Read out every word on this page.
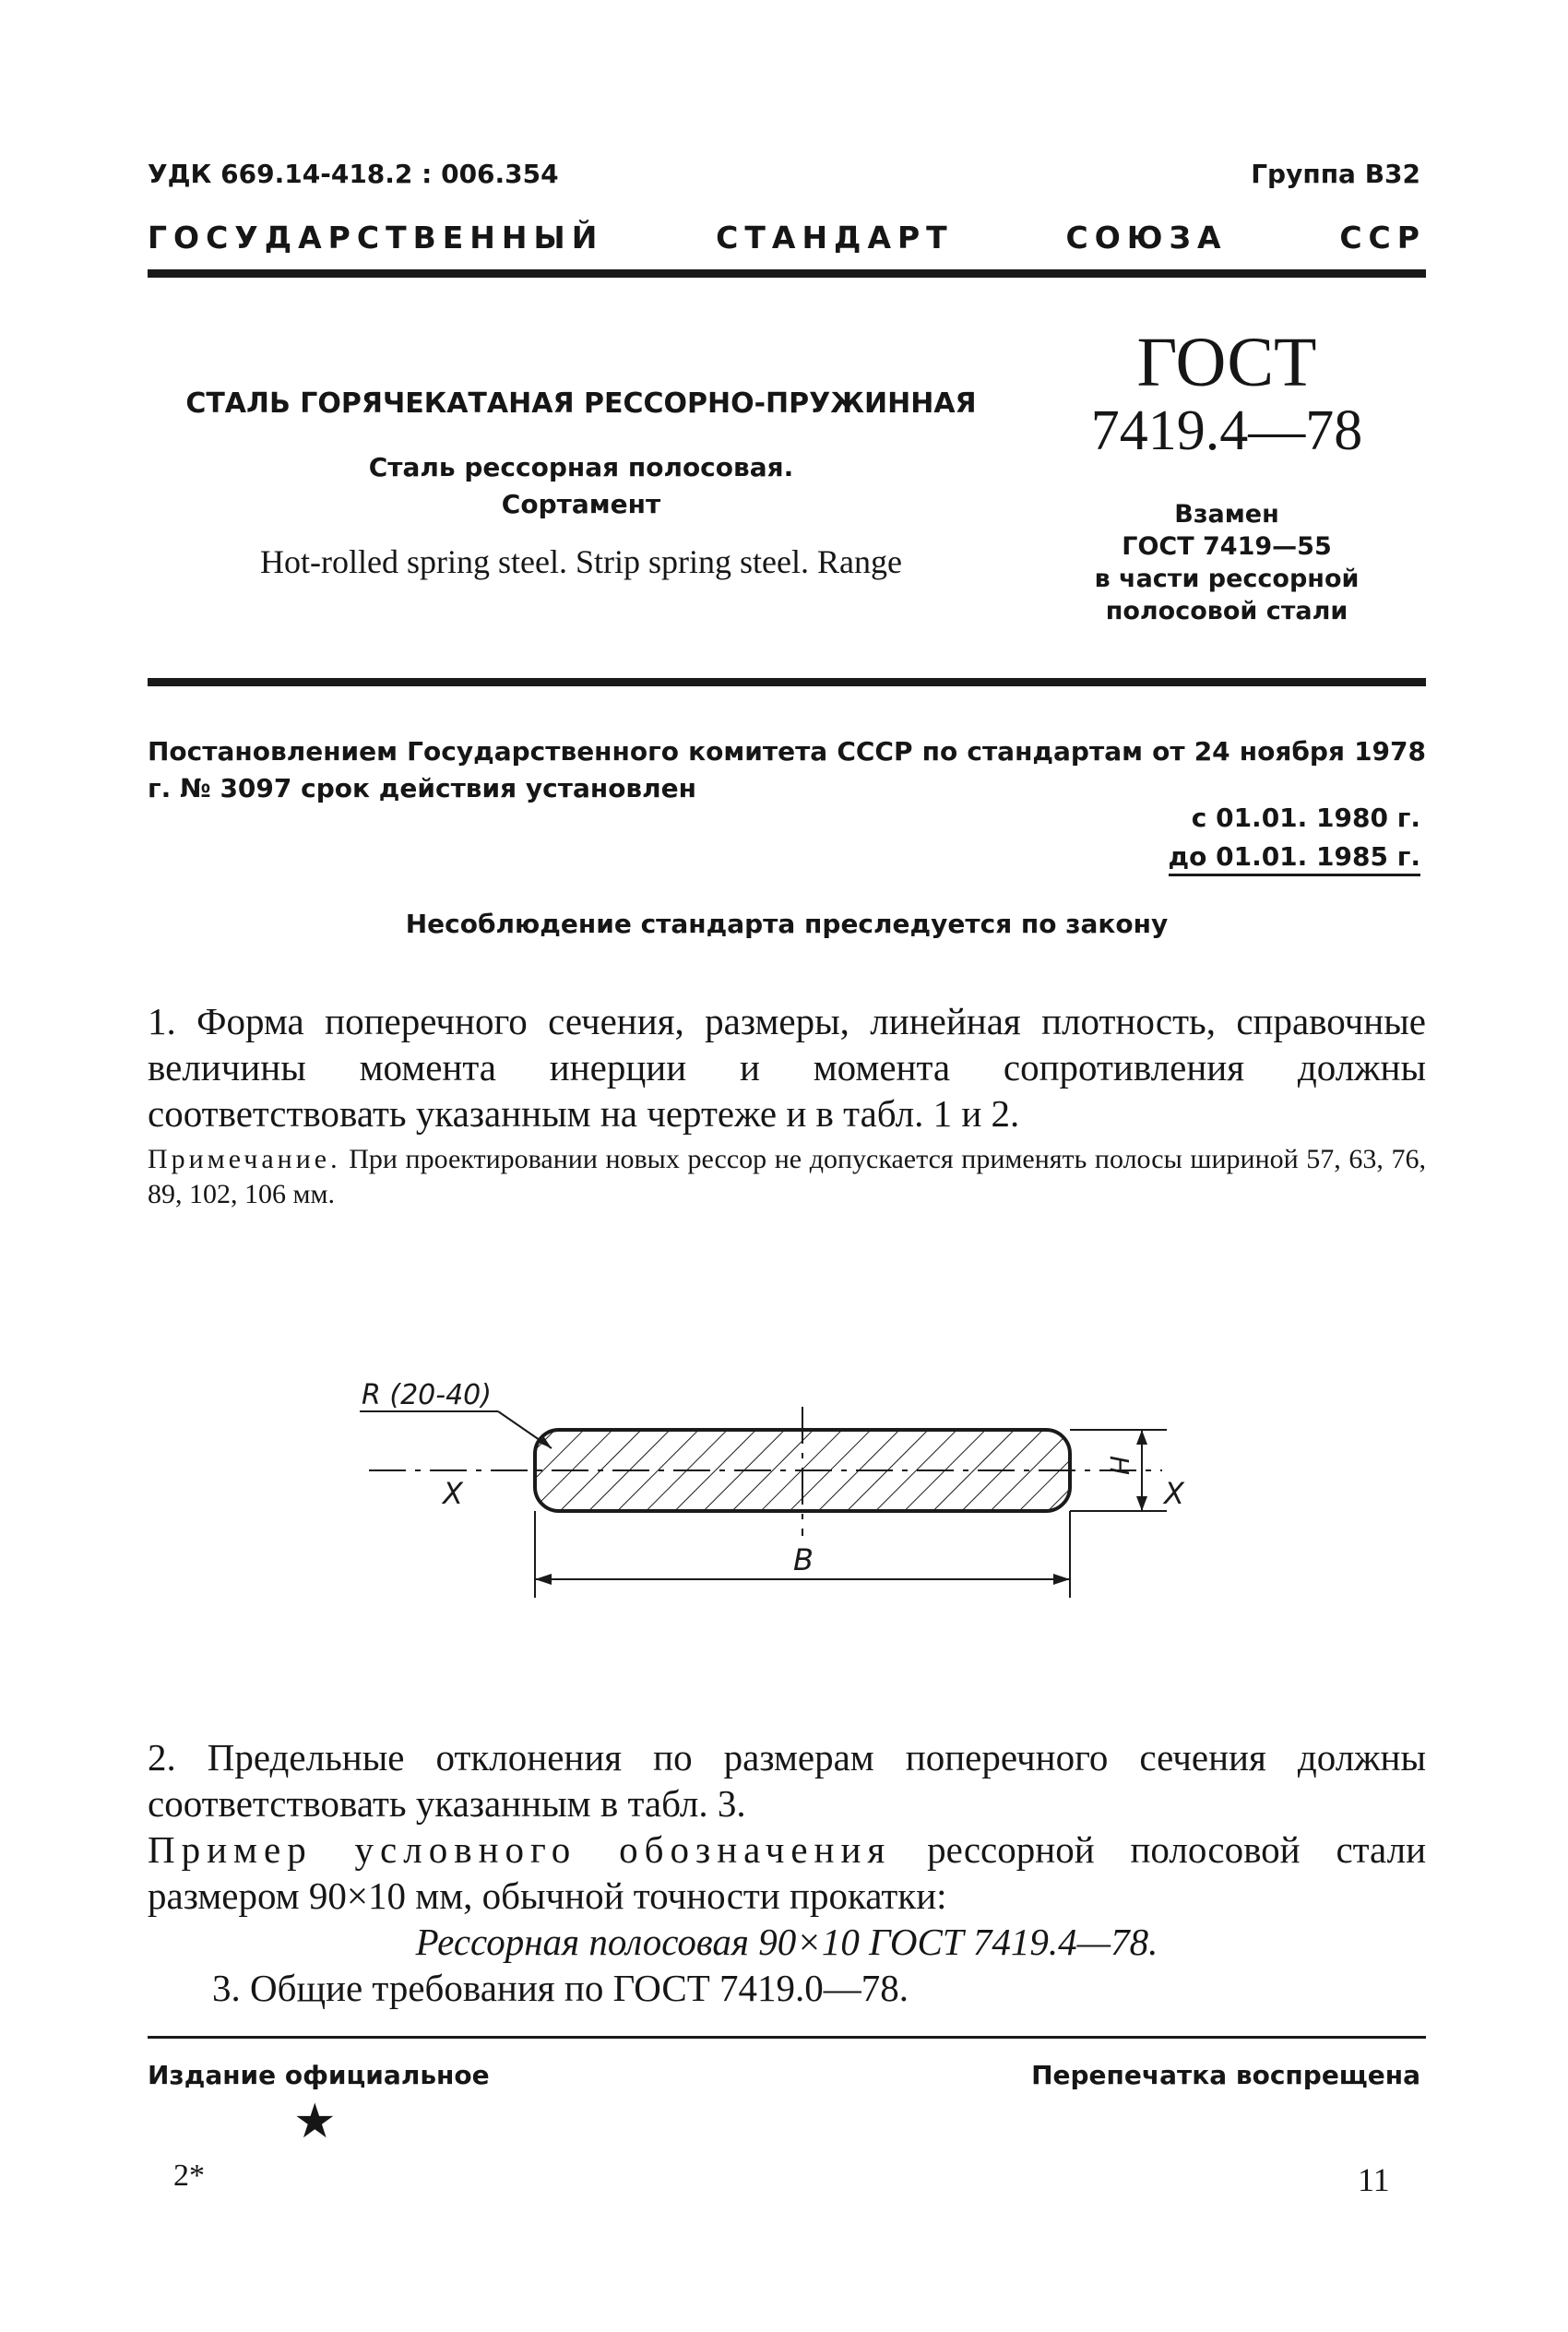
УДК 669.14-418.2 : 006.354	Группа В32
ГОСУДАРСТВЕННЫЙ	СТАНДАРТ	СОЮЗА	ССР
СТАЛЬ ГОРЯЧЕКАТАНАЯ РЕССОРНО-ПРУЖИННАЯ
Сталь рессорная полосовая.
Сортамент
Hot-rolled spring steel. Strip spring steel. Range
ГОСТ
7419.4—78
Взамен
ГОСТ 7419—55
в части рессорной
полосовой стали
Постановлением Государственного комитета СССР по стандартам от 24 ноября 1978 г. № 3097 срок действия установлен
с 01.01. 1980 г.
до 01.01. 1985 г.
Несоблюдение стандарта преследуется по закону
1. Форма поперечного сечения, размеры, линейная плотность, справочные величины момента инерции и момента сопротивления должны соответствовать указанным на чертеже и в табл. 1 и 2.
Примечание. При проектировании новых рессор не допускается применять полосы шириной 57, 63, 76, 89, 102, 106 мм.
R (20-40)
H
X	X
B
2. Предельные отклонения по размерам поперечного сечения должны соответствовать указанным в табл. 3.
Пример условного обозначения рессорной полосовой стали размером 90×10 мм, обычной точности прокатки:
Рессорная полосовая 90×10 ГОСТ 7419.4—78.
3. Общие требования по ГОСТ 7419.0—78.
Издание официальное	Перепечатка воспрещена
★
2*	11
